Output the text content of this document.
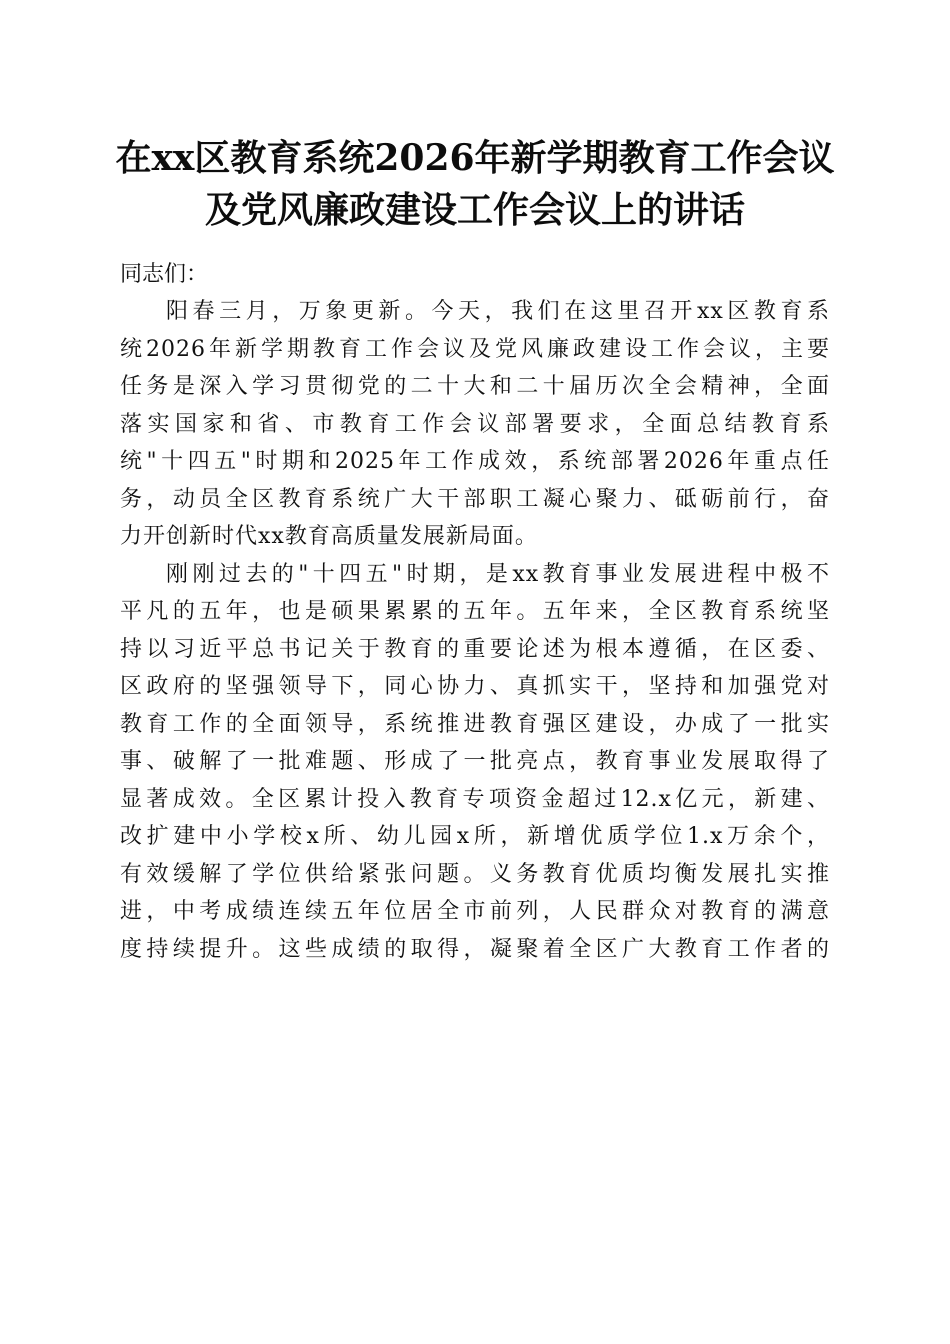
在xx区教育系统2026年新学期教育工作会议
及党风廉政建设工作会议上的讲话

同志们：

阳春三月，万象更新。今天，我们在这里召开xx区教育系
统2026年新学期教育工作会议及党风廉政建设工作会议，主要
任务是深入学习贯彻党的二十大和二十届历次全会精神，全面
落实国家和省、市教育工作会议部署要求，全面总结教育系
统"十四五"时期和2025年工作成效，系统部署2026年重点任
务，动员全区教育系统广大干部职工凝心聚力、砥砺前行，奋
力开创新时代xx教育高质量发展新局面。

刚刚过去的"十四五"时期，是xx教育事业发展进程中极不
平凡的五年，也是硕果累累的五年。五年来，全区教育系统坚
持以习近平总书记关于教育的重要论述为根本遵循，在区委、
区政府的坚强领导下，同心协力、真抓实干，坚持和加强党对
教育工作的全面领导，系统推进教育强区建设，办成了一批实
事、破解了一批难题、形成了一批亮点，教育事业发展取得了
显著成效。全区累计投入教育专项资金超过12.x亿元，新建、
改扩建中小学校x所、幼儿园x所，新增优质学位1.x万余个，
有效缓解了学位供给紧张问题。义务教育优质均衡发展扎实推
进，中考成绩连续五年位居全市前列，人民群众对教育的满意
度持续提升。这些成绩的取得，凝聚着全区广大教育工作者的
